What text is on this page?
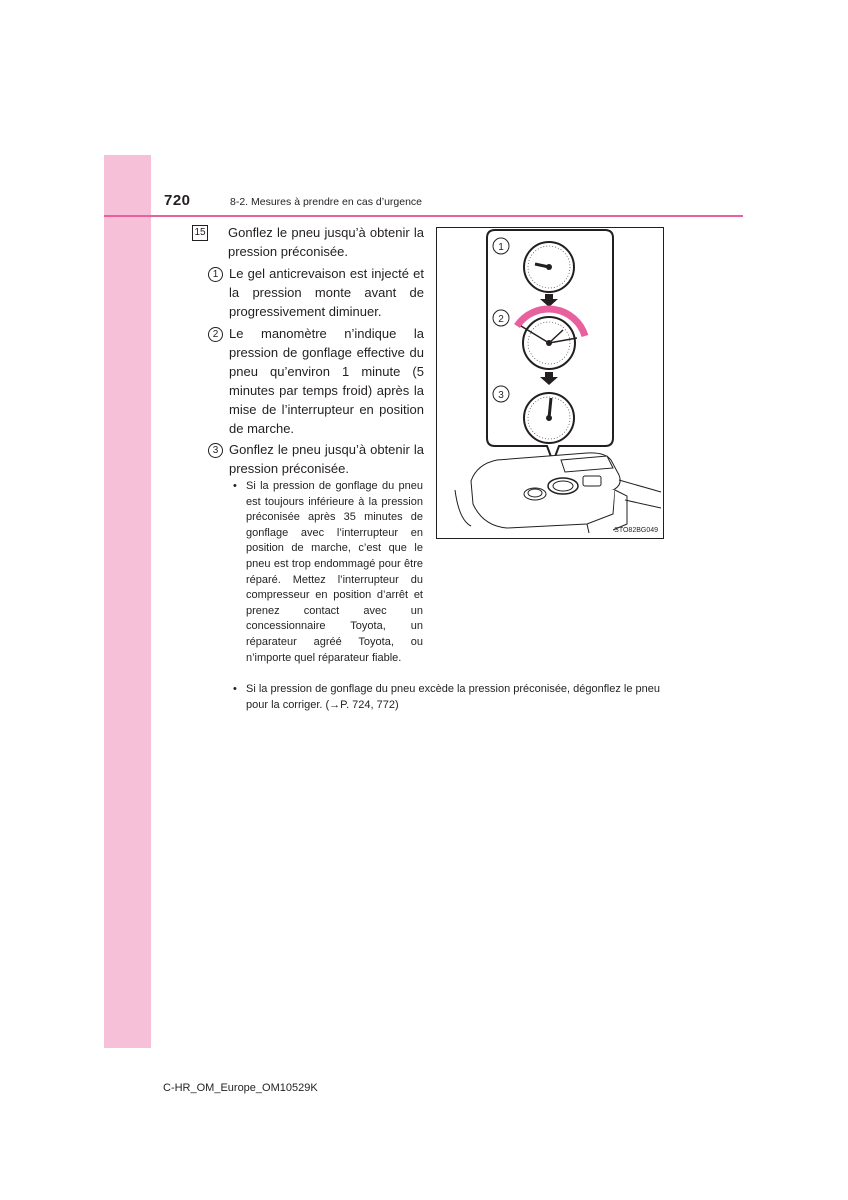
720	8-2. Mesures à prendre en cas d’urgence
15 Gonflez le pneu jusqu’à obtenir la pression préconisée.
1 Le gel anticrevaison est injecté et la pression monte avant de progressivement diminuer.
2 Le manomètre n’indique la pression de gonflage effective du pneu qu’environ 1 minute (5 minutes par temps froid) après la mise de l’interrupteur en position de marche.
3 Gonflez le pneu jusqu’à obtenir la pression préconisée.
• Si la pression de gonflage du pneu est toujours inférieure à la pression préconisée après 35 minutes de gonflage avec l’interrupteur en position de marche, c’est que le pneu est trop endommagé pour être réparé. Mettez l’interrupteur du compresseur en position d’arrêt et prenez contact avec un concessionnaire Toyota, un réparateur agréé Toyota, ou n’importe quel réparateur fiable.
• Si la pression de gonflage du pneu excède la pression préconisée, dégonflez le pneu pour la corriger. (→P. 724, 772)
1
2
3
STO82BG049
C-HR_OM_Europe_OM10529K
